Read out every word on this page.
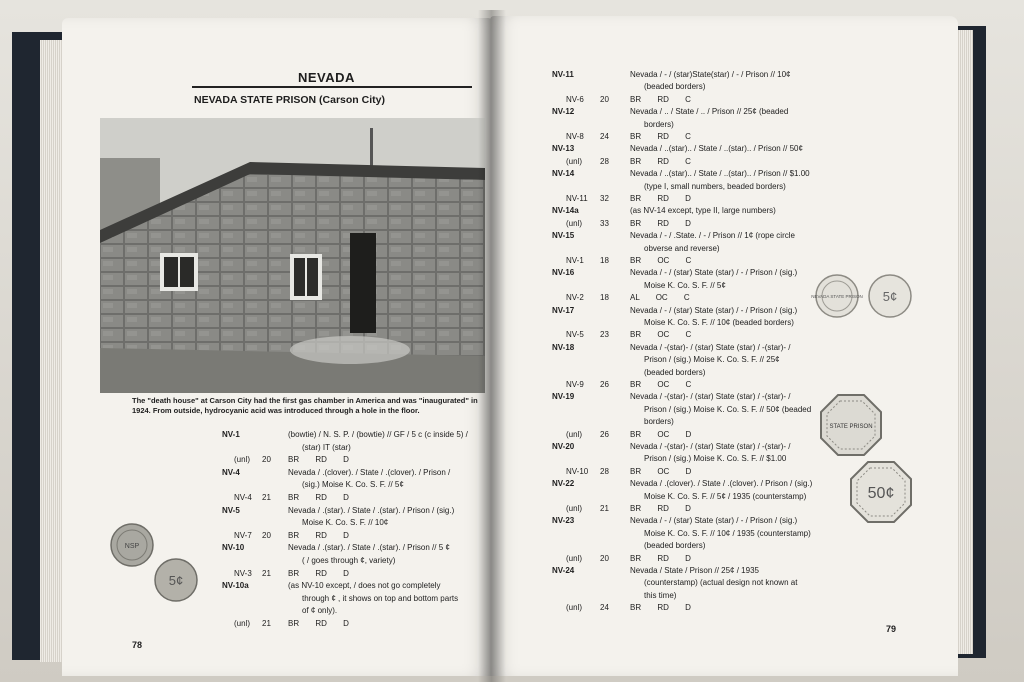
NEVADA
NEVADA STATE PRISON (Carson City)
The "death house" at Carson City had the first gas chamber in America and was "inaugurated" in 1924. From outside, hydrocyanic acid was introduced through a hole in the floor.
NV-1	(bowtie) / N. S. P. / (bowtie) // GF / 5 c (c inside 5) /
(star) IT (star)
(unl) 20 BR RD D
NV-4	Nevada / .(clover). / State / .(clover). / Prison /
(sig.) Moise K. Co. S. F. // 5¢
NV-4 21 BR RD D
NV-5	Nevada / .(star). / State / .(star). / Prison / (sig.)
Moise K. Co. S. F. // 10¢
NV-7 20 BR RD D
NV-10	Nevada / .(star). / State / .(star). / Prison // 5 ¢
( / goes through ¢, variety)
NV-3 21 BR RD D
NV-10a	(as NV-10 except, / does not go completely
through ¢ , it shows on top and bottom parts
of ¢ only).
(unl) 21 BR RD D
NSP
5¢
78
NV-11	Nevada / - / (star)State(star) / - / Prison // 10¢
(beaded borders)
NV-6 20	BR RD C
NV-12	Nevada / .. / State / .. / Prison // 25¢ (beaded
borders)
NV-8 24	BR RD C
NV-13	Nevada / ..(star).. / State / ..(star).. / Prison // 50¢
(unl) 28	BR RD C
NV-14	Nevada / ..(star).. / State / ..(star).. / Prison // $1.00
(type I, small numbers, beaded borders)
NV-11 32	BR RD D
NV-14a	(as NV-14 except, type II, large numbers)
(unl) 33	BR RD D
NV-15	Nevada / - / .State. / - / Prison // 1¢ (rope circle
obverse and reverse)
NV-1 18	BR OC C
NV-16	Nevada / - / (star) State (star) / - / Prison / (sig.)
Moise K. Co. S. F. // 5¢
NV-2 18	AL OC C
NV-17	Nevada / - / (star) State (star) / - / Prison / (sig.)
Moise K. Co. S. F. // 10¢ (beaded borders)
NV-5 23	BR OC C
NV-18	Nevada / -(star)- / (star) State (star) / -(star)- /
Prison / (sig.) Moise K. Co. S. F. // 25¢
(beaded borders)
NV-9 26	BR OC C
NV-19	Nevada / -(star)- / (star) State (star) / -(star)- /
Prison / (sig.) Moise K. Co. S. F. // 50¢ (beaded
borders)
(unl) 26	BR OC D
NV-20	Nevada / -(star)- / (star) State (star) / -(star)- /
Prison / (sig.) Moise K. Co. S. F. // $1.00
NV-10 28	BR OC D
NV-22	Nevada / .(clover). / State / .(clover). / Prison / (sig.)
Moise K. Co. S. F. // 5¢ / 1935 (counterstamp)
(unl) 21	BR RD D
NV-23	Nevada / - / (star) State (star) / - / Prison / (sig.)
Moise K. Co. S. F. // 10¢ / 1935 (counterstamp)
(beaded borders)
(unl) 20	BR RD D
NV-24	Nevada / State / Prison // 25¢ / 1935
(counterstamp) (actual design not known at
this time)
(unl) 24	BR RD D
NEVADA STATE PRISON 5¢
STATE PRISON
50¢
79
